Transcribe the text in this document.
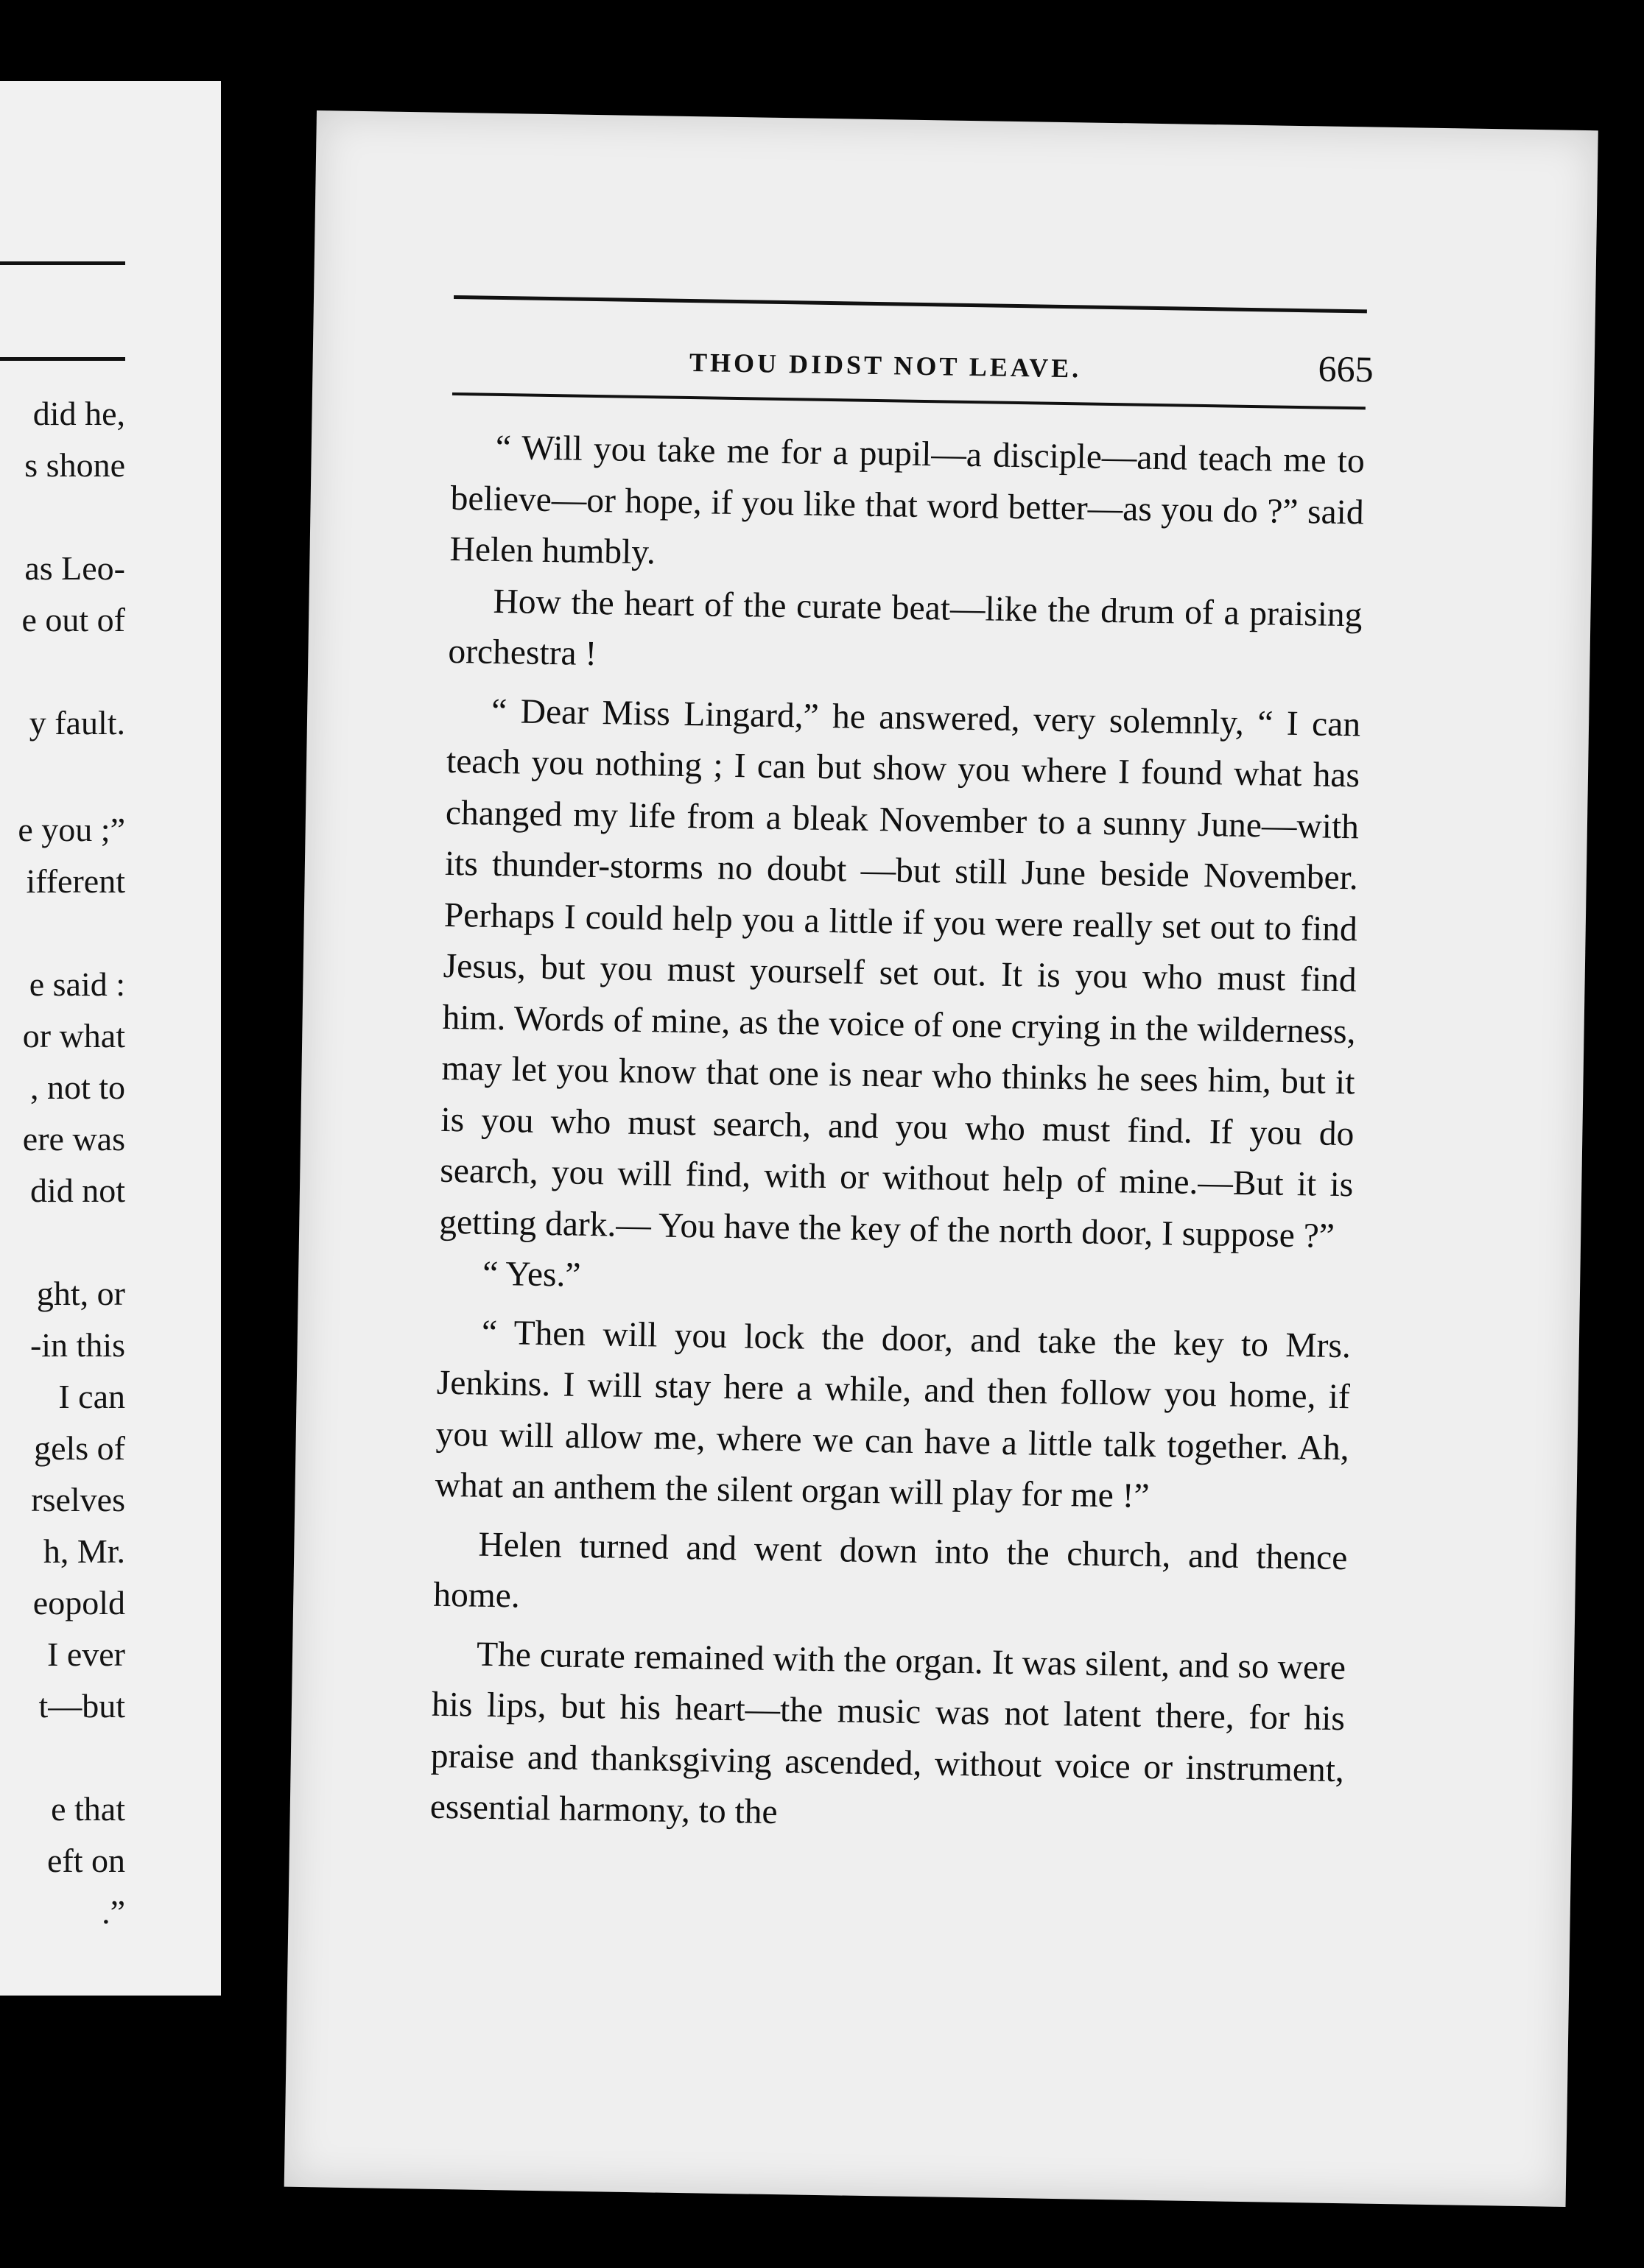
did he,
s shone
as Leo-
e out of
y fault.
e you ;”
ifferent
e said :
or what
, not to
ere was
did not
ght, or
-in this
I can
gels of
rselves
h, Mr.
eopold
I ever
t—but
e that
eft on
.”
THOU DIDST NOT LEAVE.	665

“ Will you take me for a pupil—a disciple—and teach me to believe—or hope, if you like that word better—as you do ?” said Helen humbly.

How the heart of the curate beat—like the drum of a praising orchestra !

“ Dear Miss Lingard,” he answered, very solemnly, “ I can teach you nothing ; I can but show you where I found what has changed my life from a bleak November to a sunny June—with its thunder-storms no doubt —but still June beside November. Perhaps I could help you a little if you were really set out to find Jesus, but you must yourself set out. It is you who must find him. Words of mine, as the voice of one crying in the wilderness, may let you know that one is near who thinks he sees him, but it is you who must search, and you who must find. If you do search, you will find, with or without help of mine.—But it is getting dark.— You have the key of the north door, I suppose ?”

“ Yes.”

“ Then will you lock the door, and take the key to Mrs. Jenkins. I will stay here a while, and then follow you home, if you will allow me, where we can have a little talk together. Ah, what an anthem the silent organ will play for me !”

Helen turned and went down into the church, and thence home.

The curate remained with the organ. It was silent, and so were his lips, but his heart—the music was not latent there, for his praise and thanksgiving ascended, without voice or instrument, essential harmony, to the
